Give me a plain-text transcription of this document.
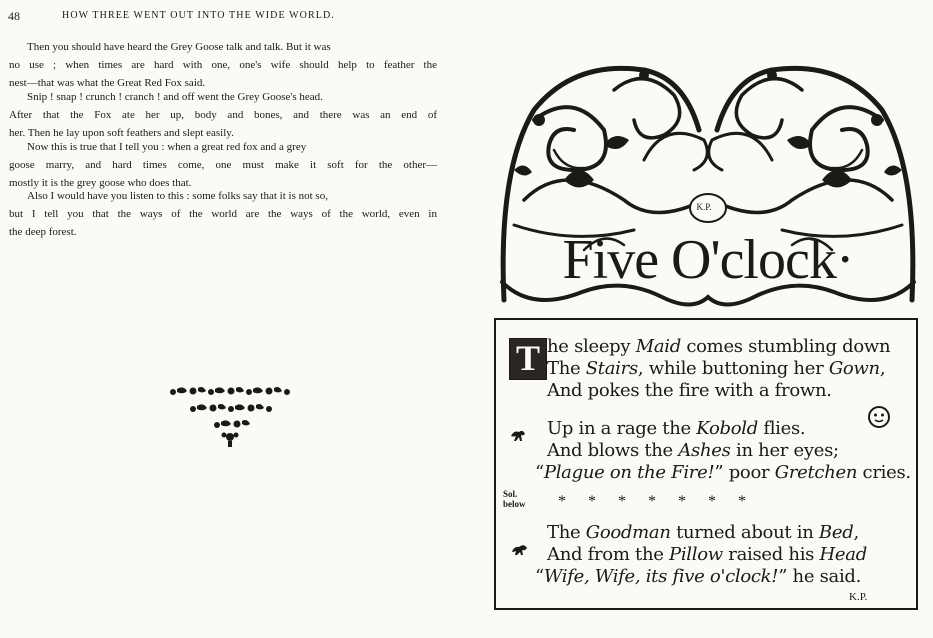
48	HOW THREE WENT OUT INTO THE WIDE WORLD.
Then you should have heard the Grey Goose talk and talk. But it was
no use ; when times are hard with one, one's wife should help to feather the
nest—that was what the Great Red Fox said.
Snip ! snap ! crunch ! cranch ! and off went the Grey Goose's head.
After that the Fox ate her up, body and bones, and there was an end of
her. Then he lay upon soft feathers and slept easily.
Now this is true that I tell you : when a great red fox and a grey
goose marry, and hard times come, one must make it soft for the other—
mostly it is the grey goose who does that.
Also I would have you listen to this : some folks say that it is not so,
but I tell you that the ways of the world are the ways of the world, even in
the deep forest.
K.P.
Five O'clock·
T he sleepy Maid comes stumbling down
The Stairs, while buttoning her Gown,
And pokes the fire with a frown.
Up in a rage the Kobold flies.
And blows the Ashes in her eyes;
“Plague on the Fire!” poor Gretchen cries.
Sol.
below * * * * * * *
The Goodman turned about in Bed,
And from the Pillow raised his Head
“Wife, Wife, its five o'clock!” he said.
K.P.
